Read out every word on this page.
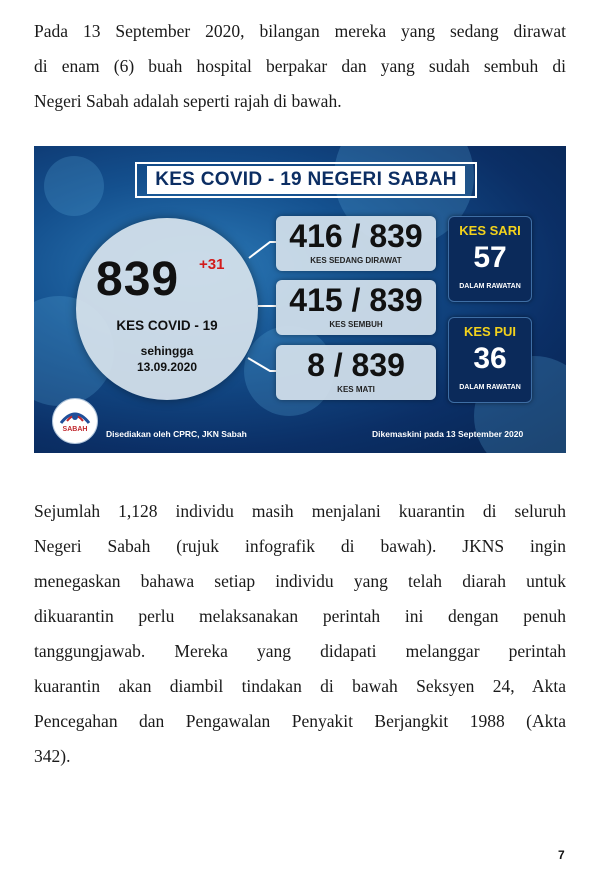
Pada 13 September 2020, bilangan mereka yang sedang dirawat
di enam (6) buah hospital berpakar dan yang sudah sembuh di
Negeri Sabah adalah seperti rajah di bawah.

KES COVID - 19 NEGERI SABAH
839 +31
KES COVID - 19
sehingga
13.09.2020
416 / 839
KES SEDANG DIRAWAT
415 / 839
KES SEMBUH
8 / 839
KES MATI
KES SARI
57
DALAM RAWATAN
KES PUI
36
DALAM RAWATAN
SABAH	Disediakan oleh CPRC, JKN Sabah	Dikemaskini pada 13 September 2020

Sejumlah 1,128 individu masih menjalani kuarantin di seluruh
Negeri Sabah (rujuk infografik di bawah). JKNS ingin
menegaskan bahawa setiap individu yang telah diarah untuk
dikuarantin perlu melaksanakan perintah ini dengan penuh
tanggungjawab. Mereka yang didapati melanggar perintah
kuarantin akan diambil tindakan di bawah Seksyen 24, Akta
Pencegahan dan Pengawalan Penyakit Berjangkit 1988 (Akta
342).

7
